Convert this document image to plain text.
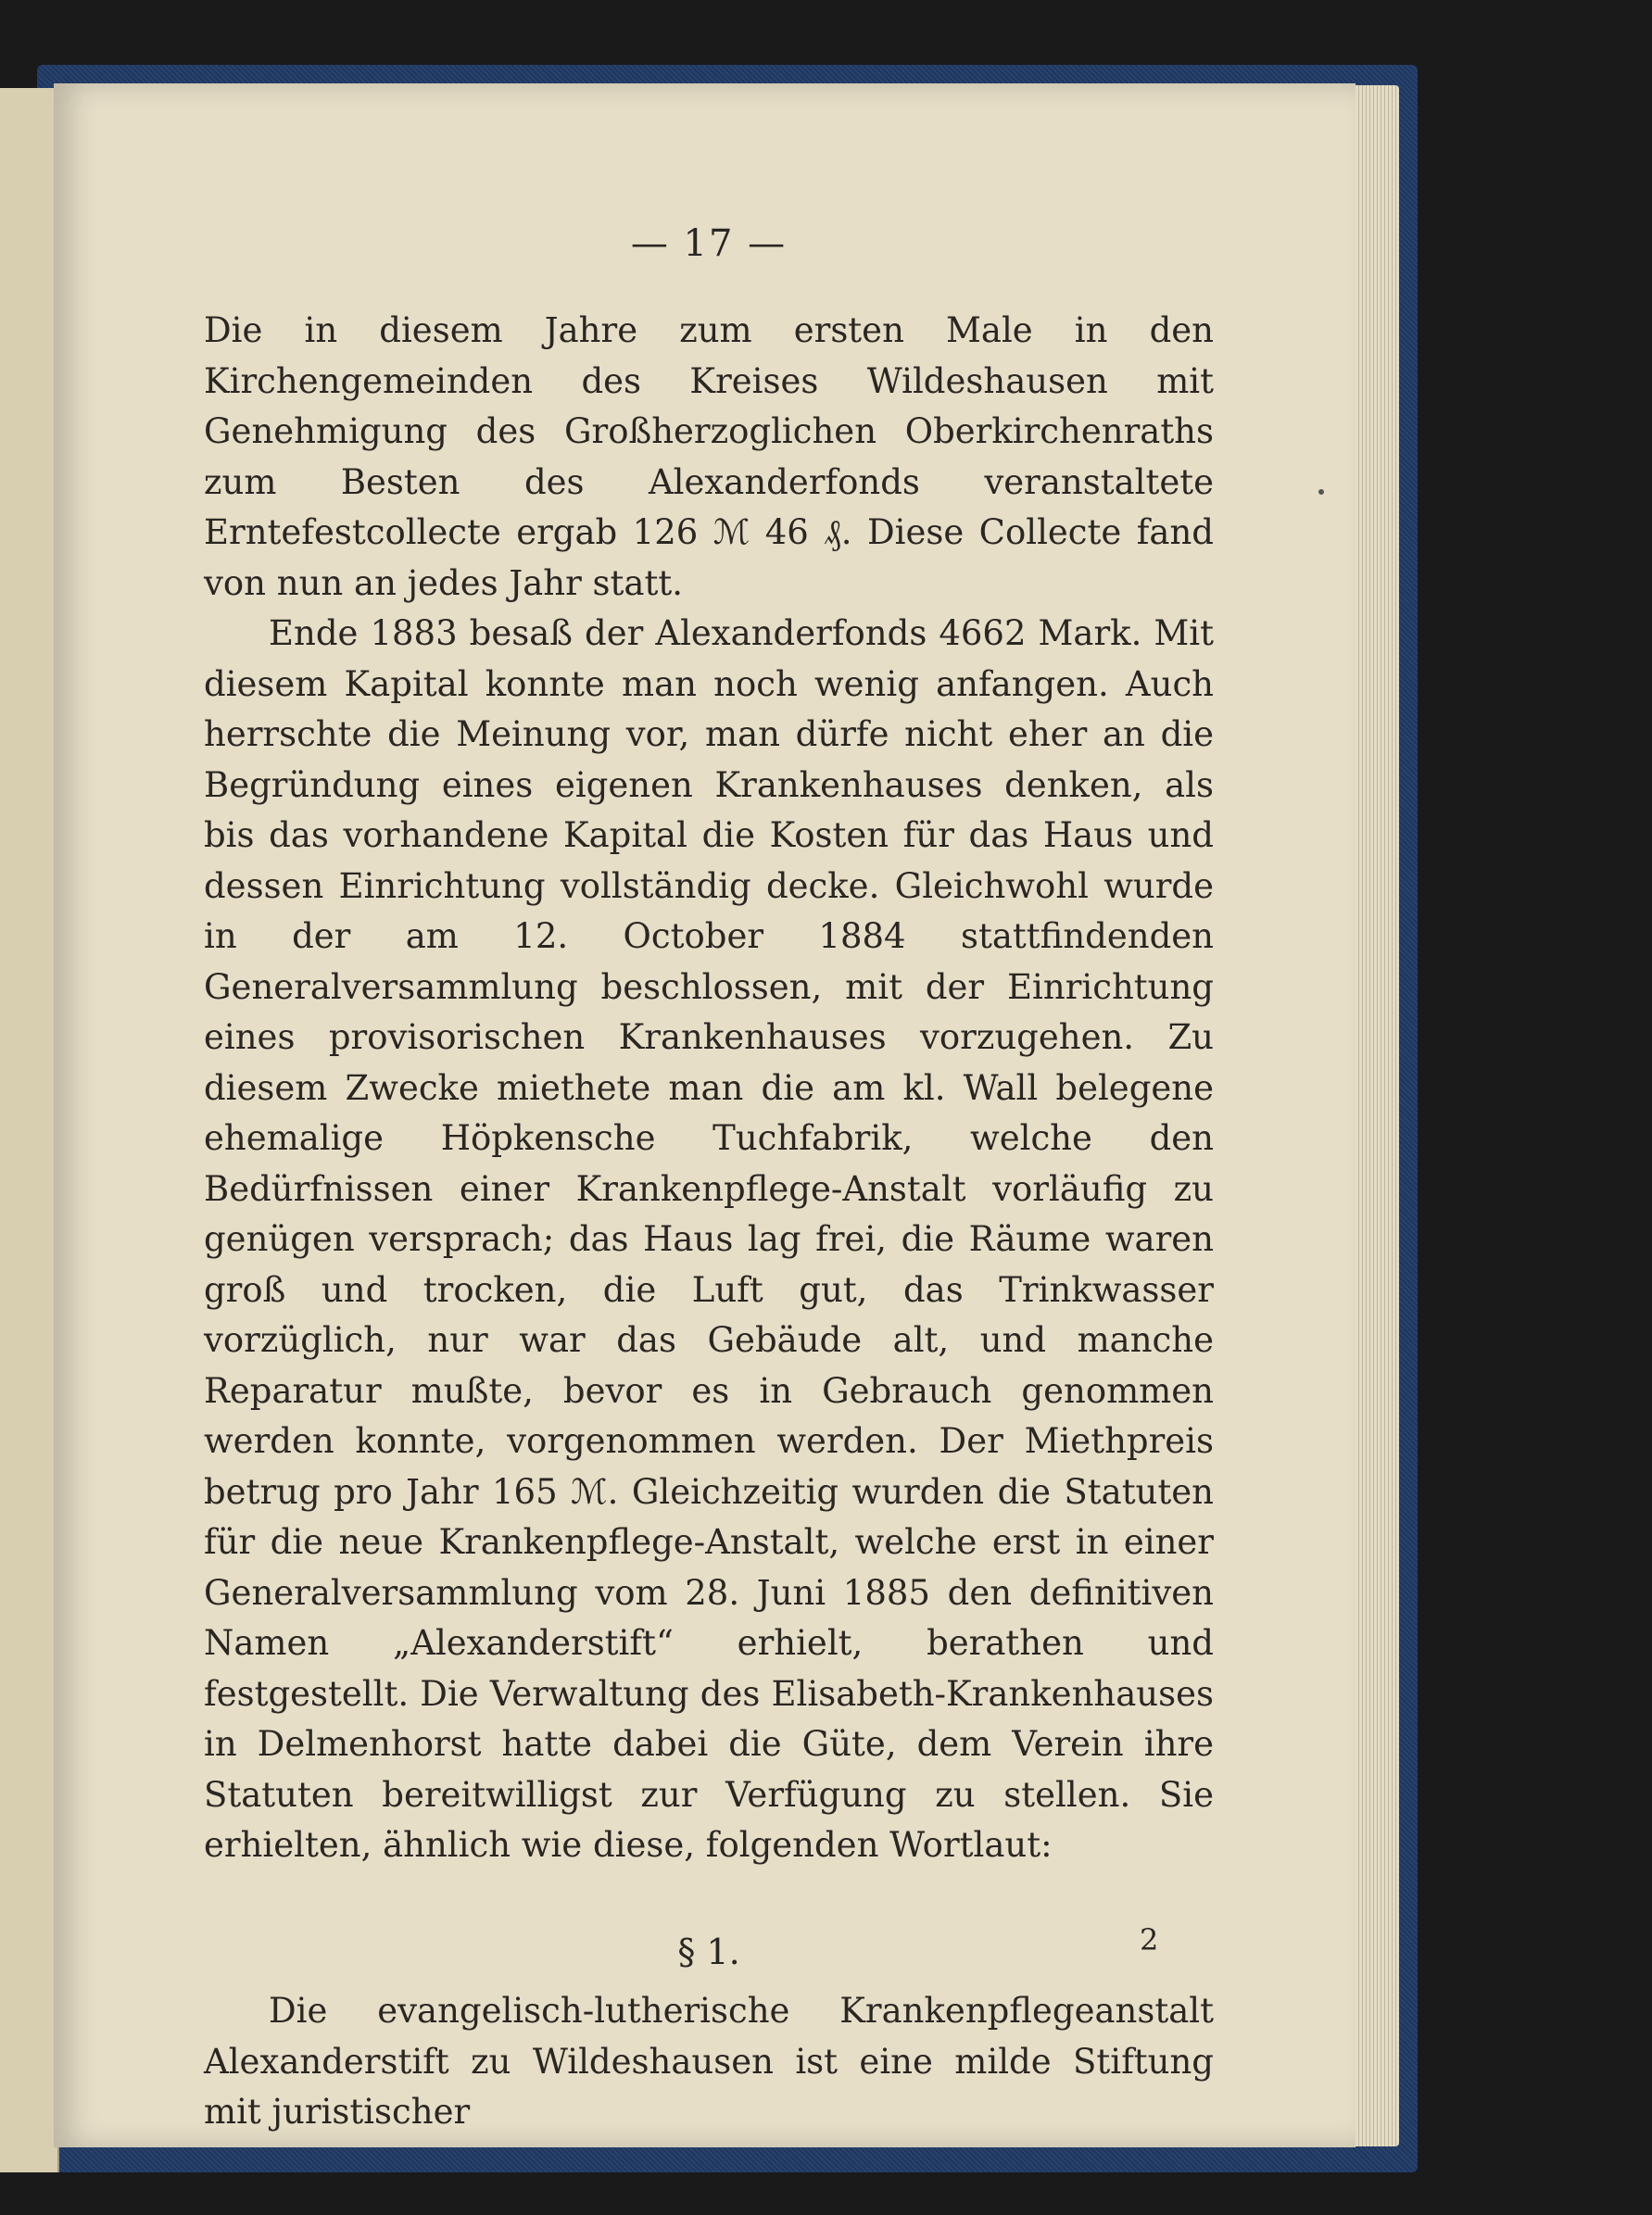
— 17 —

Die in diesem Jahre zum ersten Male in den Kirchengemeinden des Kreises Wildeshausen mit Genehmigung des Großherzoglichen Oberkirchenraths zum Besten des Alexanderfonds veranstaltete Erntefestcollecte ergab 126 ℳ 46 ₰. Diese Collecte fand von nun an jedes Jahr statt.

Ende 1883 besaß der Alexanderfonds 4662 Mark. Mit diesem Kapital konnte man noch wenig anfangen. Auch herrschte die Meinung vor, man dürfe nicht eher an die Begründung eines eigenen Krankenhauses denken, als bis das vorhandene Kapital die Kosten für das Haus und dessen Einrichtung vollständig decke. Gleichwohl wurde in der am 12. October 1884 stattfindenden Generalversammlung beschlossen, mit der Einrichtung eines provisorischen Krankenhauses vorzugehen. Zu diesem Zwecke miethete man die am kl. Wall belegene ehemalige Höpkensche Tuchfabrik, welche den Bedürfnissen einer Krankenpflege-Anstalt vorläufig zu genügen versprach; das Haus lag frei, die Räume waren groß und trocken, die Luft gut, das Trinkwasser vorzüglich, nur war das Gebäude alt, und manche Reparatur mußte, bevor es in Gebrauch genommen werden konnte, vorgenommen werden. Der Miethpreis betrug pro Jahr 165 ℳ. Gleichzeitig wurden die Statuten für die neue Krankenpflege-Anstalt, welche erst in einer Generalversammlung vom 28. Juni 1885 den definitiven Namen „Alexanderstift“ erhielt, berathen und festgestellt. Die Verwaltung des Elisabeth-Krankenhauses in Delmenhorst hatte dabei die Güte, dem Verein ihre Statuten bereitwilligst zur Verfügung zu stellen. Sie erhielten, ähnlich wie diese, folgenden Wortlaut:

§ 1.

Die evangelisch-lutherische Krankenpflegeanstalt Alexanderstift zu Wildeshausen ist eine milde Stiftung mit juristischer

2
